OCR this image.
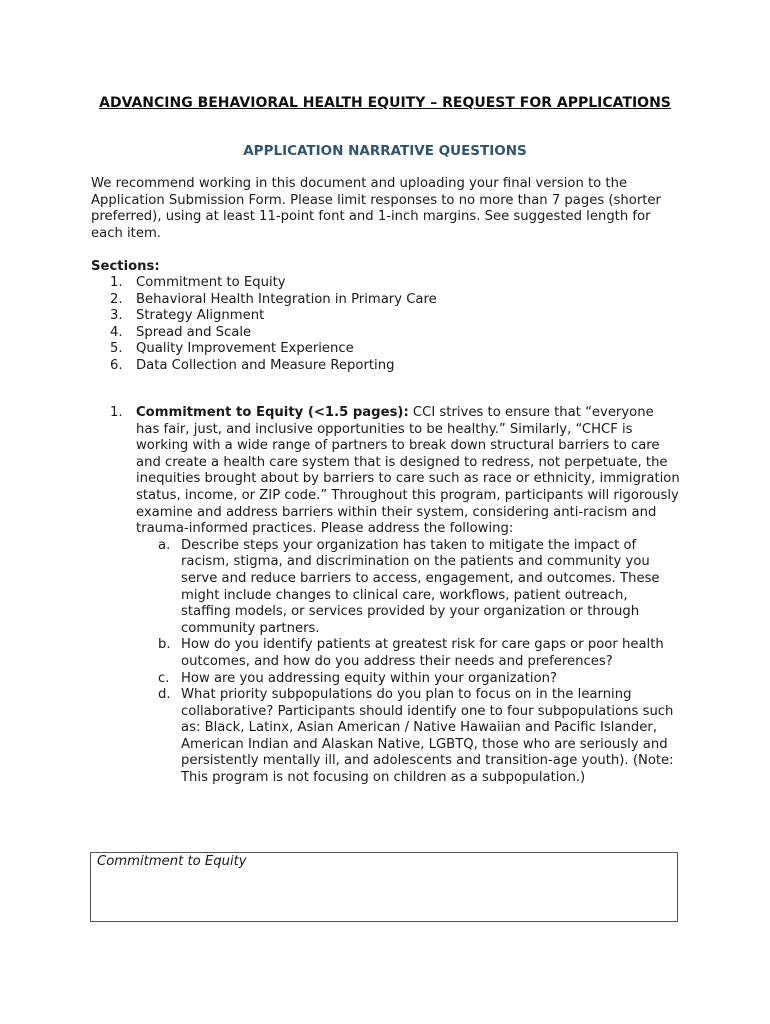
ADVANCING BEHAVIORAL HEALTH EQUITY – REQUEST FOR APPLICATIONS
APPLICATION NARRATIVE QUESTIONS
We recommend working in this document and uploading your final version to the Application Submission Form. Please limit responses to no more than 7 pages (shorter preferred), using at least 11-point font and 1-inch margins. See suggested length for each item.
Sections:
1. Commitment to Equity
2. Behavioral Health Integration in Primary Care
3. Strategy Alignment
4. Spread and Scale
5. Quality Improvement Experience
6. Data Collection and Measure Reporting
1. Commitment to Equity (<1.5 pages): CCI strives to ensure that “everyone has fair, just, and inclusive opportunities to be healthy.” Similarly, “CHCF is working with a wide range of partners to break down structural barriers to care and create a health care system that is designed to redress, not perpetuate, the inequities brought about by barriers to care such as race or ethnicity, immigration status, income, or ZIP code.” Throughout this program, participants will rigorously examine and address barriers within their system, considering anti-racism and trauma-informed practices. Please address the following:
a. Describe steps your organization has taken to mitigate the impact of racism, stigma, and discrimination on the patients and community you serve and reduce barriers to access, engagement, and outcomes. These might include changes to clinical care, workflows, patient outreach, staffing models, or services provided by your organization or through community partners.
b. How do you identify patients at greatest risk for care gaps or poor health outcomes, and how do you address their needs and preferences?
c. How are you addressing equity within your organization?
d. What priority subpopulations do you plan to focus on in the learning collaborative? Participants should identify one to four subpopulations such as: Black, Latinx, Asian American / Native Hawaiian and Pacific Islander, American Indian and Alaskan Native, LGBTQ, those who are seriously and persistently mentally ill, and adolescents and transition-age youth). (Note: This program is not focusing on children as a subpopulation.)
Commitment to Equity
